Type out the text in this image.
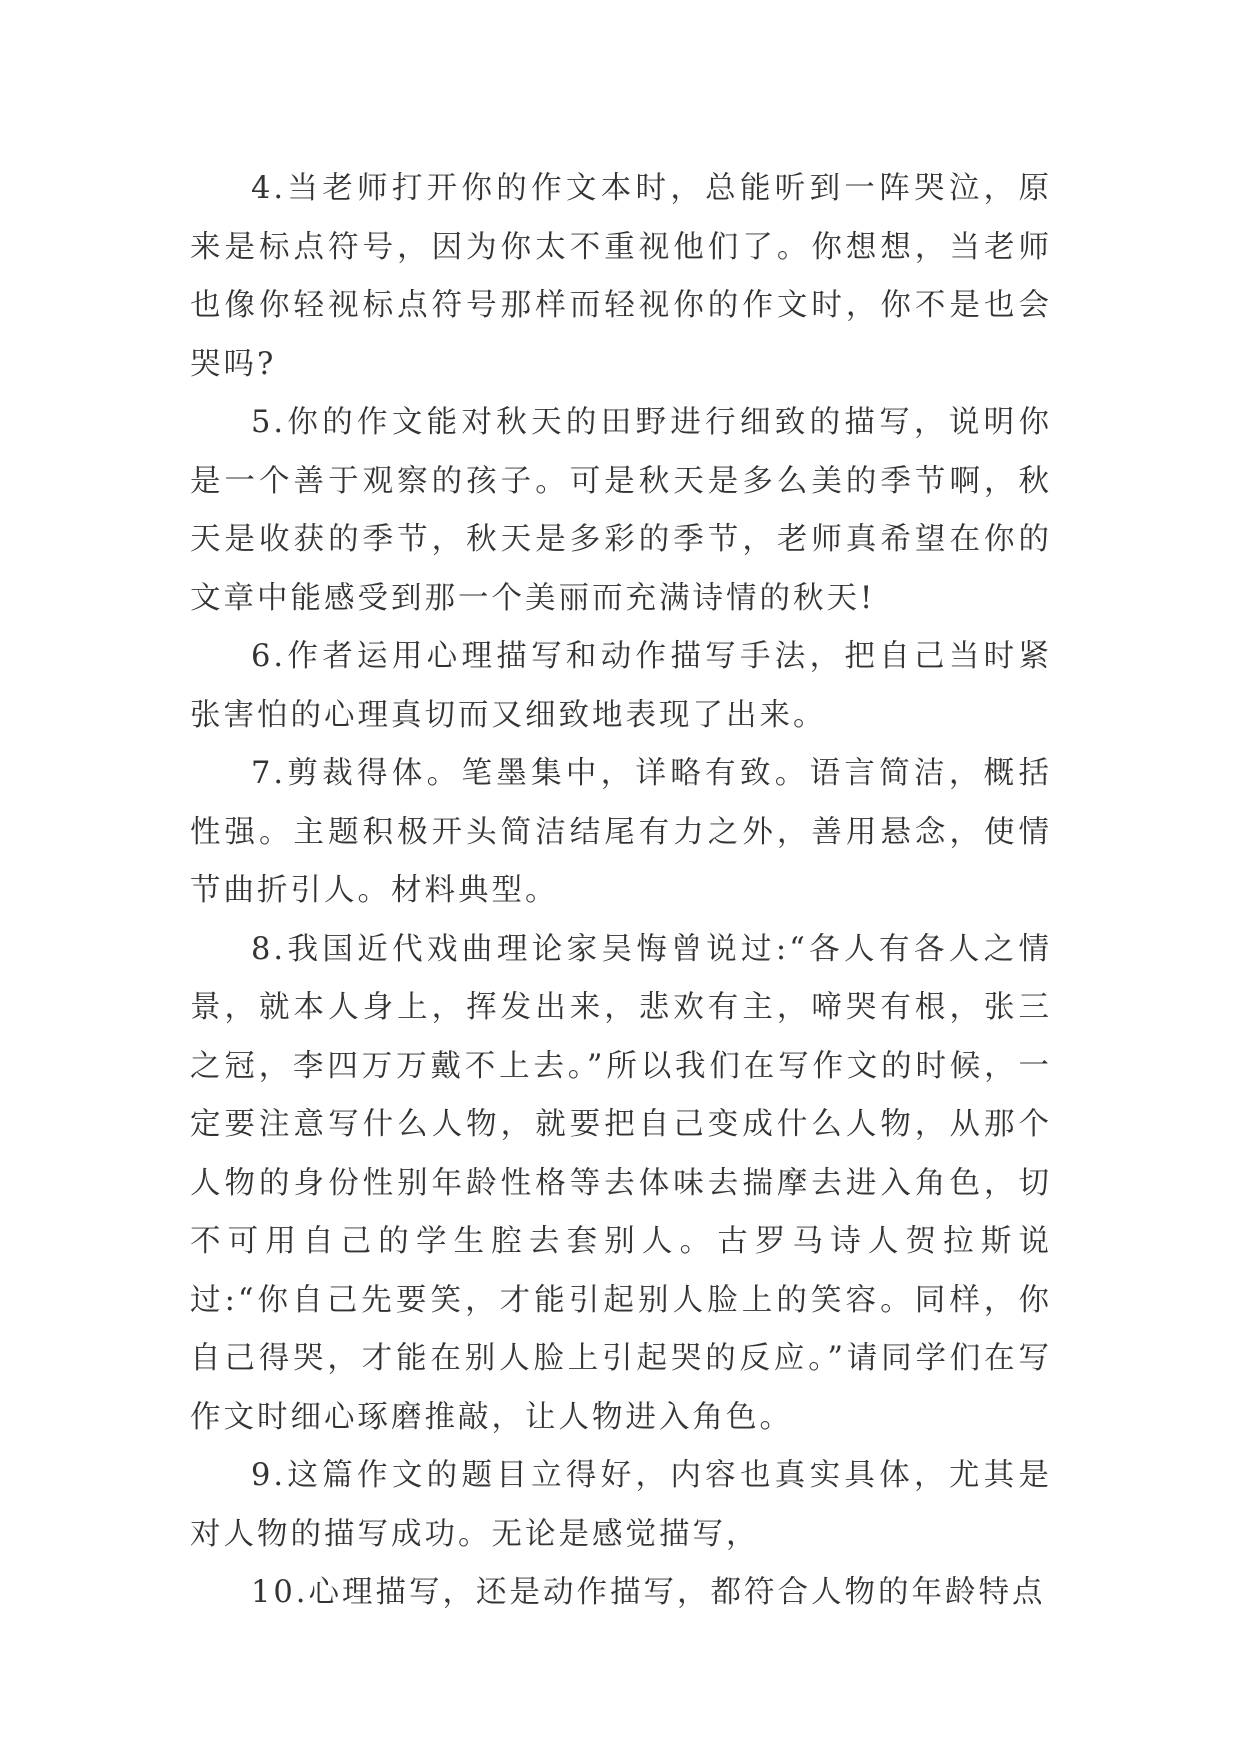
4.当老师打开你的作文本时，总能听到一阵哭泣，原来是标点符号，因为你太不重视他们了。你想想，当老师也像你轻视标点符号那样而轻视你的作文时，你不是也会哭吗?

5.你的作文能对秋天的田野进行细致的描写，说明你是一个善于观察的孩子。可是秋天是多么美的季节啊，秋天是收获的季节，秋天是多彩的季节，老师真希望在你的文章中能感受到那一个美丽而充满诗情的秋天!

6.作者运用心理描写和动作描写手法，把自己当时紧张害怕的心理真切而又细致地表现了出来。

7.剪裁得体。笔墨集中，详略有致。语言简洁，概括性强。主题积极开头简洁结尾有力之外，善用悬念，使情节曲折引人。材料典型。

8.我国近代戏曲理论家吴悔曾说过:“各人有各人之情景，就本人身上，挥发出来，悲欢有主，啼哭有根，张三之冠，李四万万戴不上去。”所以我们在写作文的时候，一定要注意写什么人物，就要把自己变成什么人物，从那个人物的身份性别年龄性格等去体味去揣摩去进入角色，切不可用自己的学生腔去套别人。古罗马诗人贺拉斯说过:“你自己先要笑，才能引起别人脸上的笑容。同样，你自己得哭，才能在别人脸上引起哭的反应。”请同学们在写作文时细心琢磨推敲，让人物进入角色。

9.这篇作文的题目立得好，内容也真实具体，尤其是对人物的描写成功。无论是感觉描写，

10.心理描写，还是动作描写，都符合人物的年龄特点
